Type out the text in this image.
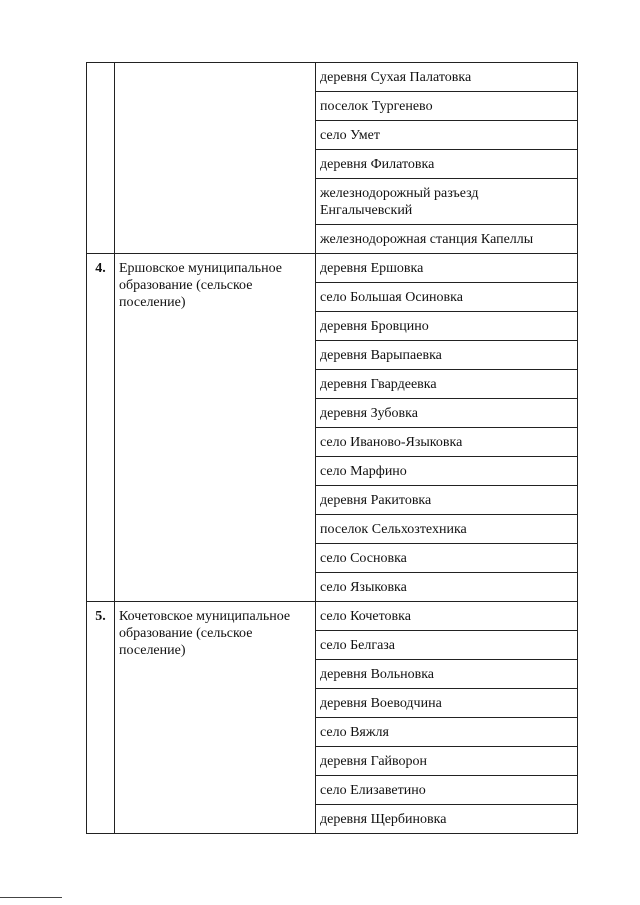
		деревня Сухая Палатовка
		поселок Тургенево
		село Умет
		деревня Филатовка
		железнодорожный разъезд Енгалычевский
		железнодорожная станция Капеллы
4.	Ершовское муниципальное образование (сельское поселение)	деревня Ершовка
		село Большая Осиновка
		деревня Бровцино
		деревня Варыпаевка
		деревня Гвардеевка
		деревня Зубовка
		село Иваново-Языковка
		село Марфино
		деревня Ракитовка
		поселок Сельхозтехника
		село Сосновка
		село Языковка
5.	Кочетовское муниципальное образование (сельское поселение)	село Кочетовка
		село Белгаза
		деревня Вольновка
		деревня Воеводчина
		село Вяжля
		деревня Гайворон
		село Елизаветино
		деревня Щербиновка
